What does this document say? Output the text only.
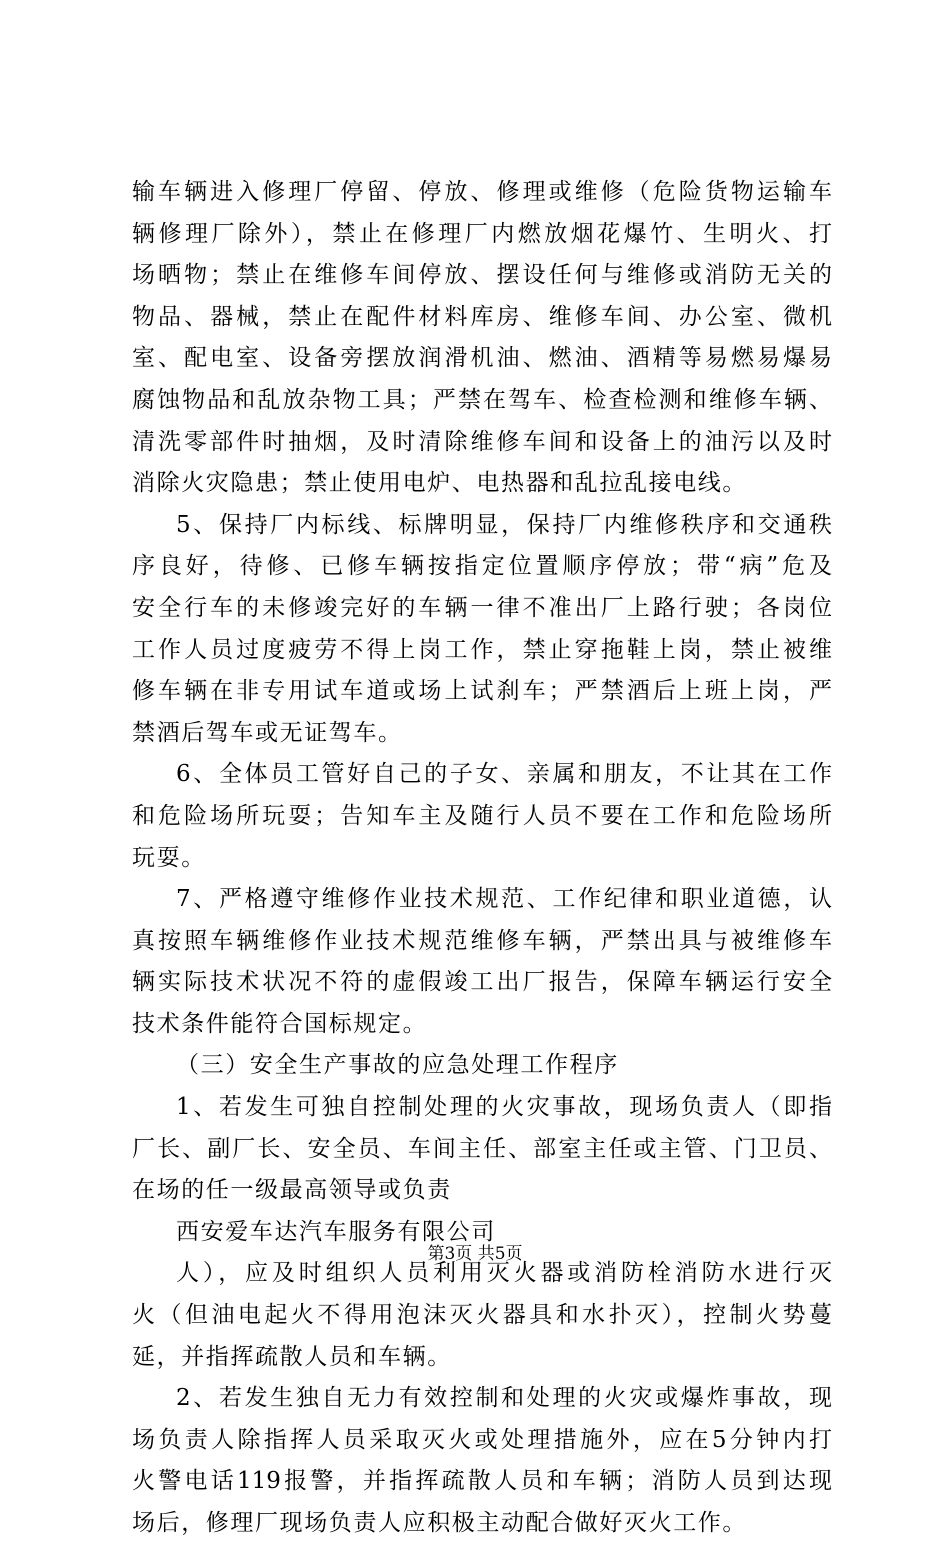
输车辆进入修理厂停留、停放、修理或维修（危险货物运输车
辆修理厂除外），禁止在修理厂内燃放烟花爆竹、生明火、打
场晒物；禁止在维修车间停放、摆设任何与维修或消防无关的
物品、器械，禁止在配件材料库房、维修车间、办公室、微机
室、配电室、设备旁摆放润滑机油、燃油、酒精等易燃易爆易
腐蚀物品和乱放杂物工具；严禁在驾车、检查检测和维修车辆、
清洗零部件时抽烟，及时清除维修车间和设备上的油污以及时
消除火灾隐患；禁止使用电炉、电热器和乱拉乱接电线。
5、保持厂内标线、标牌明显，保持厂内维修秩序和交通秩
序良好，待修、已修车辆按指定位置顺序停放；带“病”危及
安全行车的未修竣完好的车辆一律不准出厂上路行驶；各岗位
工作人员过度疲劳不得上岗工作，禁止穿拖鞋上岗，禁止被维
修车辆在非专用试车道或场上试刹车；严禁酒后上班上岗，严
禁酒后驾车或无证驾车。
6、全体员工管好自己的子女、亲属和朋友，不让其在工作
和危险场所玩耍；告知车主及随行人员不要在工作和危险场所
玩耍。
7、严格遵守维修作业技术规范、工作纪律和职业道德，认
真按照车辆维修作业技术规范维修车辆，严禁出具与被维修车
辆实际技术状况不符的虚假竣工出厂报告，保障车辆运行安全
技术条件能符合国标规定。
（三）安全生产事故的应急处理工作程序
1、若发生可独自控制处理的火灾事故，现场负责人（即指
厂长、副厂长、安全员、车间主任、部室主任或主管、门卫员、
在场的任一级最高领导或负责
西安爱车达汽车服务有限公司
人），应及时组织人员利用灭火器或消防栓消防水进行灭
火（但油电起火不得用泡沫灭火器具和水扑灭），控制火势蔓
延，并指挥疏散人员和车辆。
2、若发生独自无力有效控制和处理的火灾或爆炸事故，现
场负责人除指挥人员采取灭火或处理措施外，应在5分钟内打
火警电话119报警，并指挥疏散人员和车辆；消防人员到达现
场后，修理厂现场负责人应积极主动配合做好灭火工作。
第3页 共5页
